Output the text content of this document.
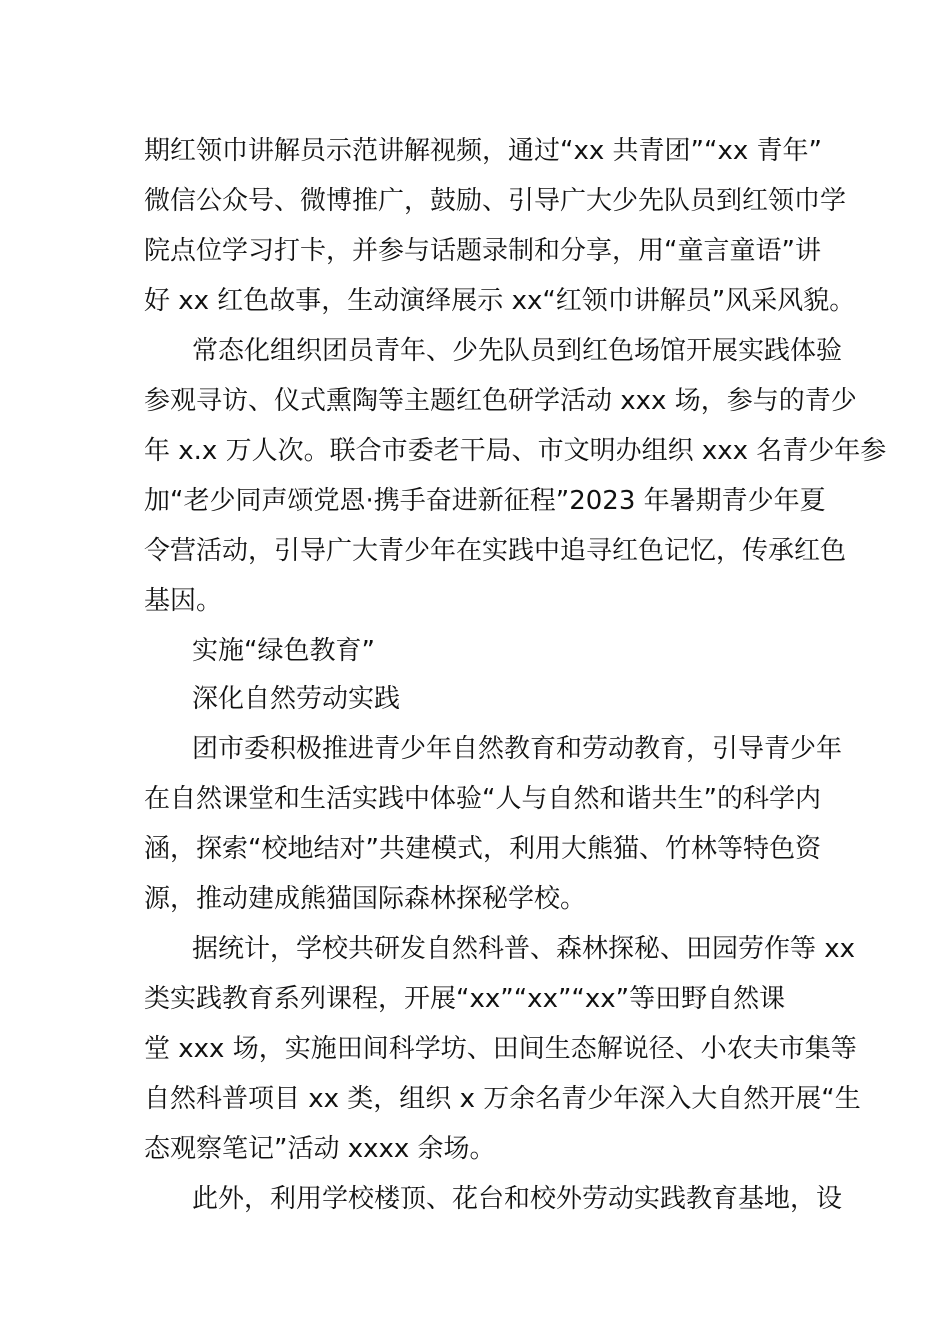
期红领巾讲解员示范讲解视频，通过“xx 共青团”“xx 青年”
微信公众号、微博推广，鼓励、引导广大少先队员到红领巾学
院点位学习打卡，并参与话题录制和分享，用“童言童语”讲
好 xx 红色故事，生动演绎展示 xx“红领巾讲解员”风采风貌。
常态化组织团员青年、少先队员到红色场馆开展实践体验
参观寻访、仪式熏陶等主题红色研学活动 xxx 场，参与的青少
年 x.x 万人次。联合市委老干局、市文明办组织 xxx 名青少年参
加“老少同声颂党恩·携手奋进新征程”2023 年暑期青少年夏
令营活动，引导广大青少年在实践中追寻红色记忆，传承红色
基因。
实施“绿色教育”
深化自然劳动实践
团市委积极推进青少年自然教育和劳动教育，引导青少年
在自然课堂和生活实践中体验“人与自然和谐共生”的科学内
涵，探索“校地结对”共建模式，利用大熊猫、竹林等特色资
源，推动建成熊猫国际森林探秘学校。
据统计，学校共研发自然科普、森林探秘、田园劳作等 xx
类实践教育系列课程，开展“xx”“xx”“xx”等田野自然课
堂 xxx 场，实施田间科学坊、田间生态解说径、小农夫市集等
自然科普项目 xx 类，组织 x 万余名青少年深入大自然开展“生
态观察笔记”活动 xxxx 余场。
此外，利用学校楼顶、花台和校外劳动实践教育基地，设
